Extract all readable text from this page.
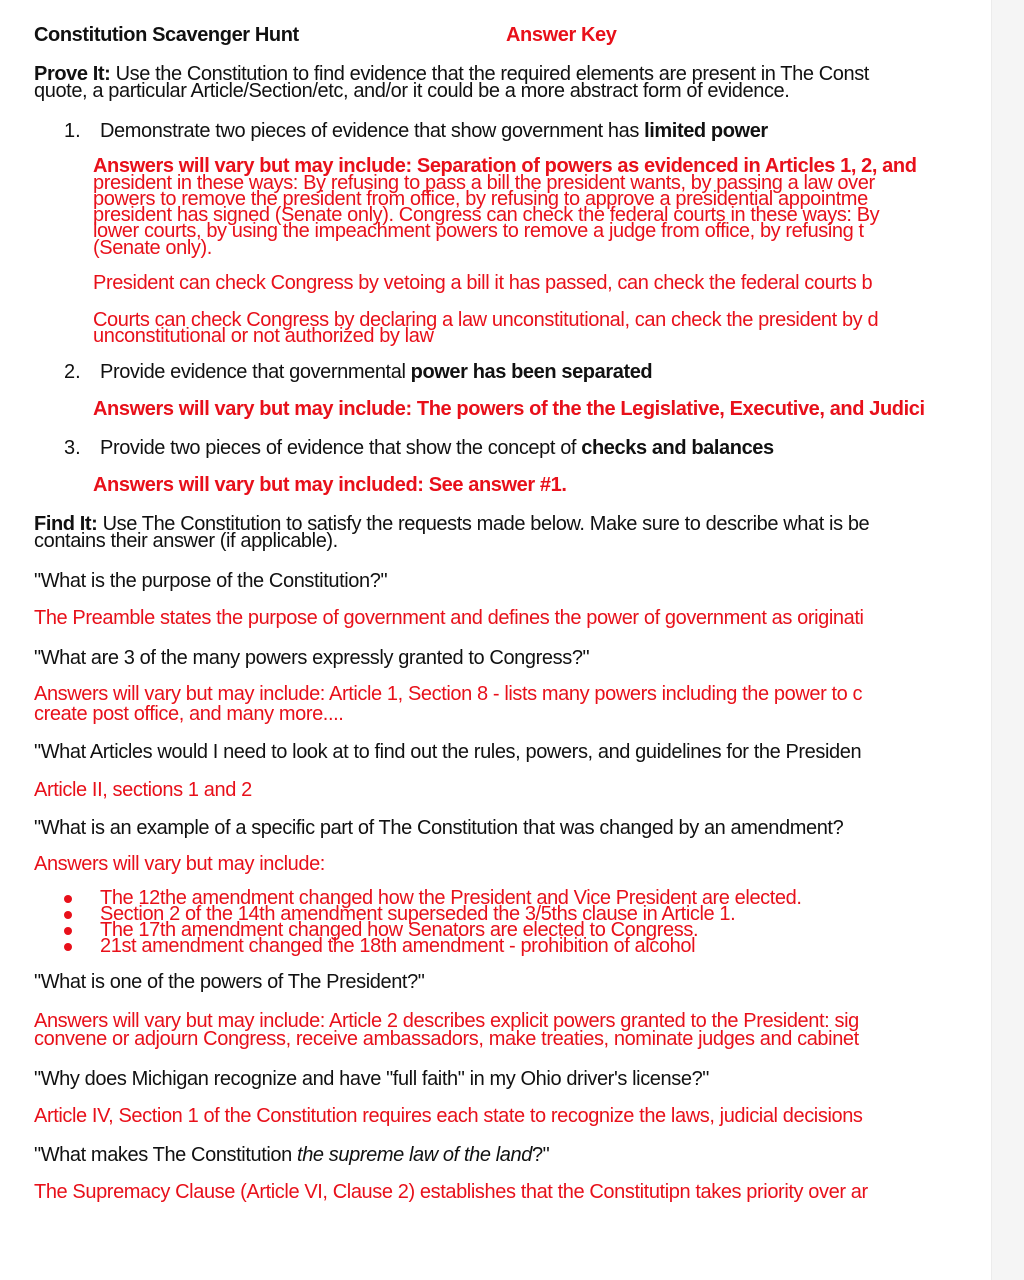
Constitution Scavenger Hunt	Answer Key
Prove It: Use the Constitution to find evidence that the required elements are present in The Const
quote, a particular Article/Section/etc, and/or it could be a more abstract form of evidence.
1. Demonstrate two pieces of evidence that show government has limited power
Answers will vary but may include: Separation of powers as evidenced in Articles 1, 2, and
president in these ways: By refusing to pass a bill the president wants, by passing a law over
powers to remove the president from office, by refusing to approve a presidential appointme
president has signed (Senate only). Congress can check the federal courts in these ways: By
lower courts, by using the impeachment powers to remove a judge from office, by refusing t
(Senate only).
President can check Congress by vetoing a bill it has passed, can check the federal courts b
Courts can check Congress by declaring a law unconstitutional, can check the president by d
unconstitutional or not authorized by law
2. Provide evidence that governmental power has been separated
Answers will vary but may include: The powers of the the Legislative, Executive, and Judici
3. Provide two pieces of evidence that show the concept of checks and balances
Answers will vary but may included: See answer #1.
Find It: Use The Constitution to satisfy the requests made below. Make sure to describe what is be
contains their answer (if applicable).
"What is the purpose of the Constitution?"
The Preamble states the purpose of government and defines the power of government as originati
"What are 3 of the many powers expressly granted to Congress?"
Answers will vary but may include: Article 1, Section 8 - lists many powers including the power to c
create post office, and many more....
"What Articles would I need to look at to find out the rules, powers, and guidelines for the Presiden
Article II, sections 1 and 2
"What is an example of a specific part of The Constitution that was changed by an amendment?
Answers will vary but may include:
The 12the amendment changed how the President and Vice President are elected.
Section 2 of the 14th amendment superseded the 3/5ths clause in Article 1.
The 17th amendment changed how Senators are elected to Congress.
21st amendment changed the 18th amendment - prohibition of alcohol
"What is one of the powers of The President?"
Answers will vary but may include: Article 2 describes explicit powers granted to the President: sig
convene or adjourn Congress, receive ambassadors, make treaties, nominate judges and cabinet
"Why does Michigan recognize and have "full faith" in my Ohio driver's license?"
Article IV, Section 1 of the Constitution requires each state to recognize the laws, judicial decisions
"What makes The Constitution the supreme law of the land?"
The Supremacy Clause (Article VI, Clause 2) establishes that the Constitutipn takes priority over ar
